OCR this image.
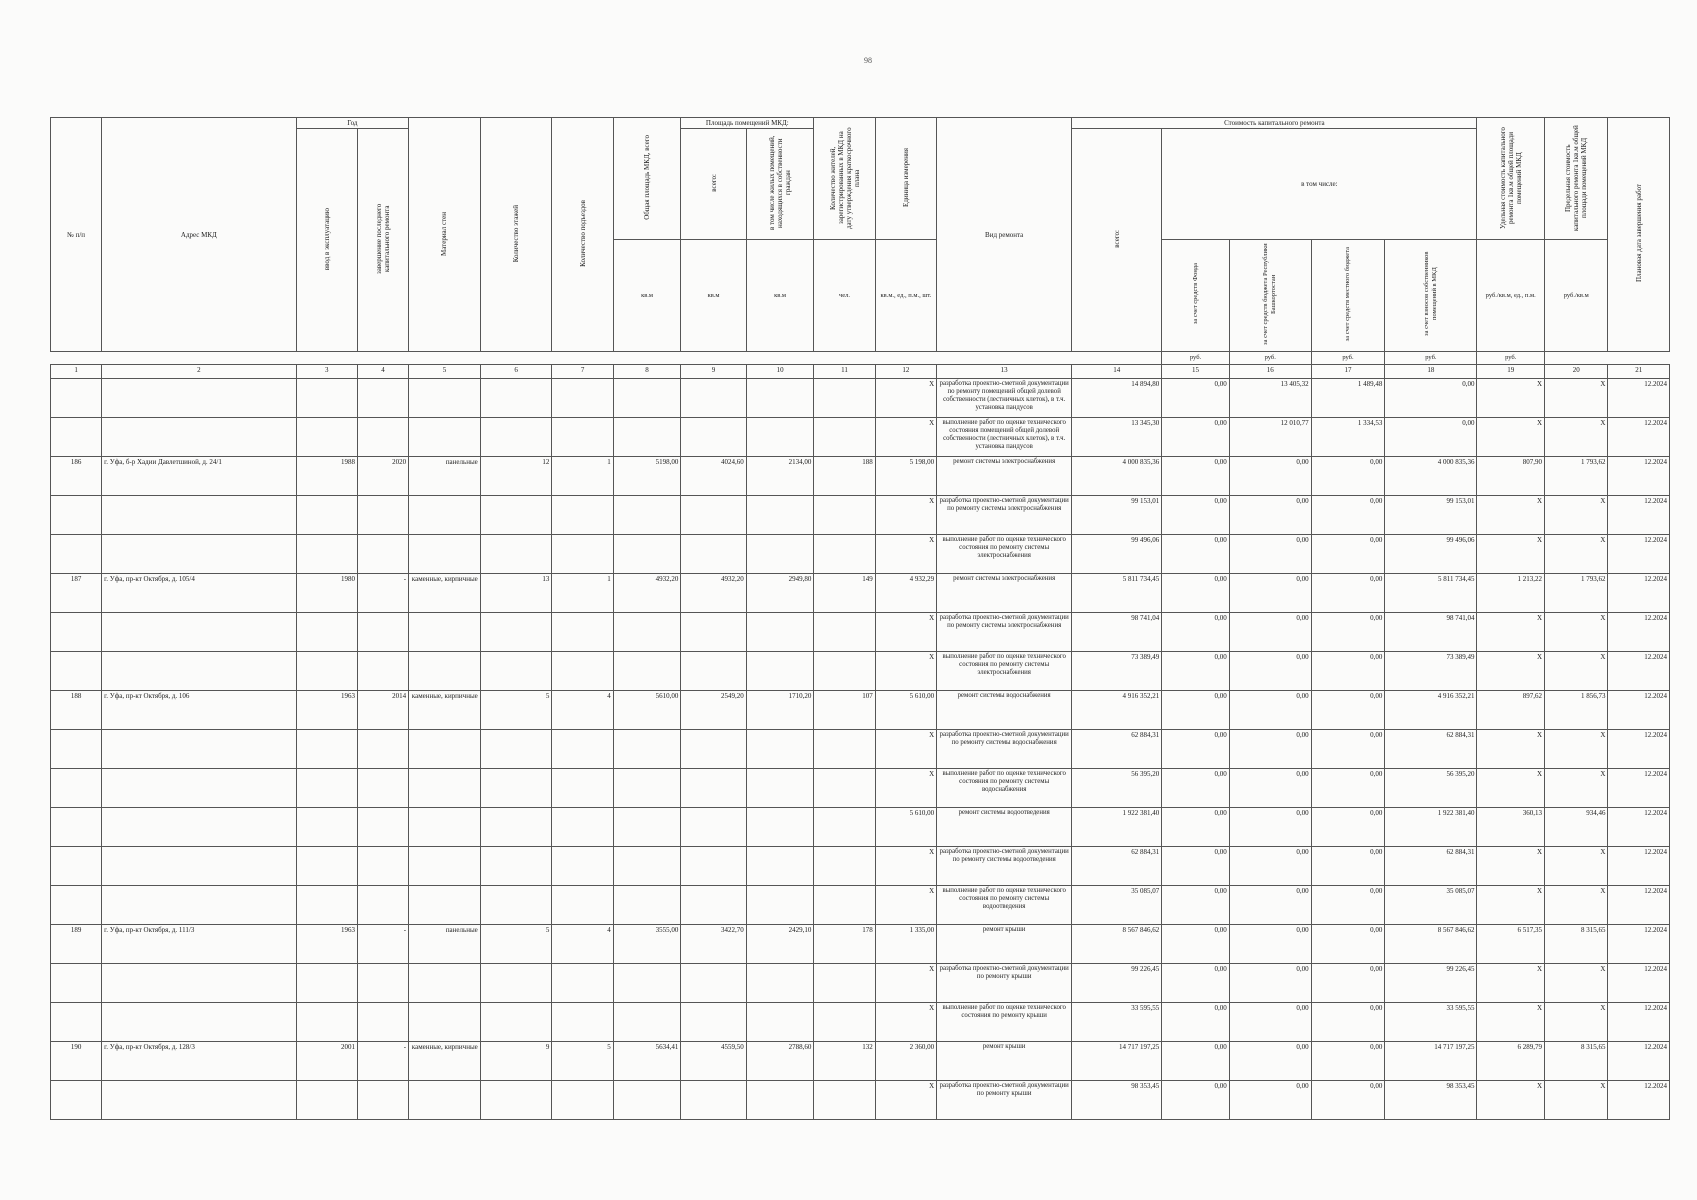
98
№ п/п	Адрес МКД	Год		Материал стен	Количество этажей	Количество подъездов	Общая площадь МКД, всего	Площадь помещений МКД:		Количество жителей, зарегистрированных в МКД на дату утверждения краткосрочного плана	Единица измерения	Вид ремонта	Стоимость капитального ремонта					Удельная стоимость капитального ремонта 1кв.м общей площади помещений МКД	Предельная стоимость капитального ремонта 1кв.м общей площади помещений МКД	Плановая дата завершения работ
		ввод в эксплуатацию	завершение последнего капитального ремонта					всего:	в том числе жилых помещений, находящихся в собственности граждан				всего:	в том числе:						
							кв.м	кв.м	кв.м	чел.	кв.м., ед., п.м., шт.			за счет средств Фонда	за счет средств бюджета Республики Башкортостан	за счет средств местного бюджета	за счет взносов собственников помещений в МКД	руб./кв.м, ед., п.м.	руб./кв.м	
														руб.	руб.	руб.	руб.	руб.		
1	2	3	4	5	6	7	8	9	10	11	12	13	14	15	16	17	18	19	20	21
											X	разработка проектно-сметной документации по ремонту помещений общей долевой собственности (лестничных клеток), в т.ч. установка пандусов	14 894,80	0,00	13 405,32	1 489,48	0,00	X	X	12.2024
											X	выполнение работ по оценке технического состояния помещений общей долевой собственности (лестничных клеток), в т.ч. установка пандусов	13 345,30	0,00	12 010,77	1 334,53	0,00	X	X	12.2024
186	г. Уфа, б-р Хадии Давлетшиной, д. 24/1	1988	2020	панельные	12	1	5198,00	4024,60	2134,00	188	5 198,00	ремонт системы электроснабжения	4 000 835,36	0,00	0,00	0,00	4 000 835,36	807,90	1 793,62	12.2024
											X	разработка проектно-сметной документации по ремонту системы электроснабжения	99 153,01	0,00	0,00	0,00	99 153,01	X	X	12.2024
											X	выполнение работ по оценке технического состояния по ремонту системы электроснабжения	99 496,06	0,00	0,00	0,00	99 496,06	X	X	12.2024
187	г. Уфа, пр-кт Октября, д. 105/4	1980	-	каменные, кирпичные	13	1	4932,20	4932,20	2949,80	149	4 932,29	ремонт системы электроснабжения	5 811 734,45	0,00	0,00	0,00	5 811 734,45	1 213,22	1 793,62	12.2024
											X	разработка проектно-сметной документации по ремонту системы электроснабжения	98 741,04	0,00	0,00	0,00	98 741,04	X	X	12.2024
											X	выполнение работ по оценке технического состояния по ремонту системы электроснабжения	73 389,49	0,00	0,00	0,00	73 389,49	X	X	12.2024
188	г. Уфа, пр-кт Октября, д. 106	1963	2014	каменные, кирпичные	5	4	5610,00	2549,20	1710,20	107	5 610,00	ремонт системы водоснабжения	4 916 352,21	0,00	0,00	0,00	4 916 352,21	897,62	1 856,73	12.2024
											X	разработка проектно-сметной документации по ремонту системы водоснабжения	62 884,31	0,00	0,00	0,00	62 884,31	X	X	12.2024
											X	выполнение работ по оценке технического состояния по ремонту системы водоснабжения	56 395,20	0,00	0,00	0,00	56 395,20	X	X	12.2024
											5 610,00	ремонт системы водоотведения	1 922 381,40	0,00	0,00	0,00	1 922 381,40	360,13	934,46	12.2024
											X	разработка проектно-сметной документации по ремонту системы водоотведения	62 884,31	0,00	0,00	0,00	62 884,31	X	X	12.2024
											X	выполнение работ по оценке технического состояния по ремонту системы водоотведения	35 085,07	0,00	0,00	0,00	35 085,07	X	X	12.2024
189	г. Уфа, пр-кт Октября, д. 111/3	1963	-	панельные	5	4	3555,00	3422,70	2429,10	178	1 335,00	ремонт крыши	8 567 846,62	0,00	0,00	0,00	8 567 846,62	6 517,35	8 315,65	12.2024
											X	разработка проектно-сметной документации по ремонту крыши	99 226,45	0,00	0,00	0,00	99 226,45	X	X	12.2024
											X	выполнение работ по оценке технического состояния по ремонту крыши	33 595,55	0,00	0,00	0,00	33 595,55	X	X	12.2024
190	г. Уфа, пр-кт Октября, д. 128/3	2001	-	каменные, кирпичные	9	5	5634,41	4559,50	2788,60	132	2 360,00	ремонт крыши	14 717 197,25	0,00	0,00	0,00	14 717 197,25	6 289,79	8 315,65	12.2024
											X	разработка проектно-сметной документации по ремонту крыши	98 353,45	0,00	0,00	0,00	98 353,45	X	X	12.2024
